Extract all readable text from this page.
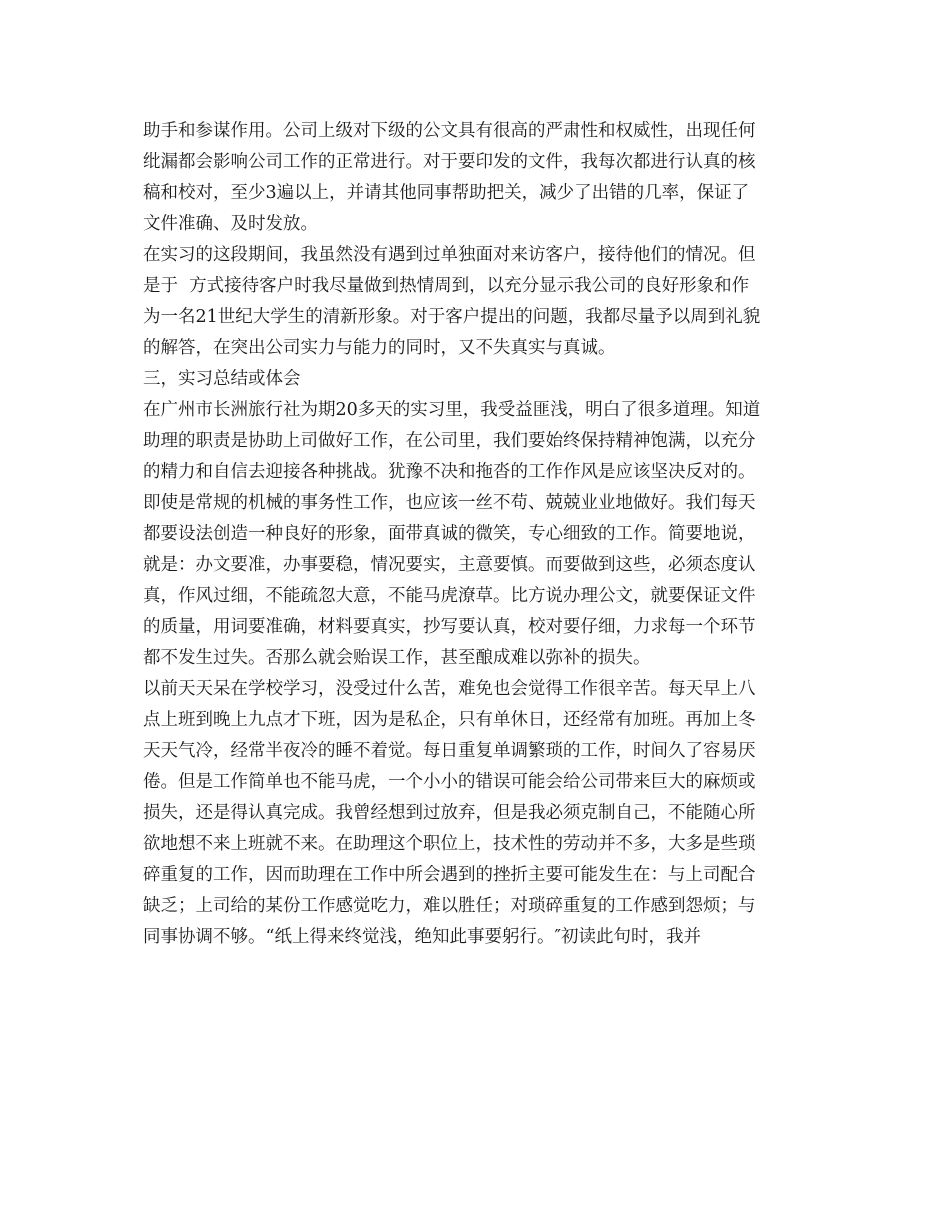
助手和参谋作用。公司上级对下级的公文具有很高的严肃性和权威性，出现任何
纰漏都会影响公司工作的正常进行。对于要印发的文件，我每次都进行认真的核
稿和校对，至少3遍以上，并请其他同事帮助把关，减少了出错的几率，保证了
文件准确、及时发放。
在实习的这段期间，我虽然没有遇到过单独面对来访客户，接待他们的情况。但
是于  方式接待客户时我尽量做到热情周到，以充分显示我公司的良好形象和作
为一名21世纪大学生的清新形象。对于客户提出的问题，我都尽量予以周到礼貌
的解答，在突出公司实力与能力的同时，又不失真实与真诚。
三，实习总结或体会
在广州市长洲旅行社为期20多天的实习里，我受益匪浅，明白了很多道理。知道
助理的职责是协助上司做好工作，在公司里，我们要始终保持精神饱满，以充分
的精力和自信去迎接各种挑战。犹豫不决和拖沓的工作作风是应该坚决反对的。
即使是常规的机械的事务性工作，也应该一丝不苟、兢兢业业地做好。我们每天
都要设法创造一种良好的形象，面带真诚的微笑，专心细致的工作。简要地说，
就是：办文要准，办事要稳，情况要实，主意要慎。而要做到这些，必须态度认
真，作风过细，不能疏忽大意，不能马虎潦草。比方说办理公文，就要保证文件
的质量，用词要准确，材料要真实，抄写要认真，校对要仔细，力求每一个环节
都不发生过失。否那么就会贻误工作，甚至酿成难以弥补的损失。
以前天天呆在学校学习，没受过什么苦，难免也会觉得工作很辛苦。每天早上八
点上班到晚上九点才下班，因为是私企，只有单休日，还经常有加班。再加上冬
天天气冷，经常半夜冷的睡不着觉。每日重复单调繁琐的工作，时间久了容易厌
倦。但是工作简单也不能马虎，一个小小的错误可能会给公司带来巨大的麻烦或
损失，还是得认真完成。我曾经想到过放弃，但是我必须克制自己，不能随心所
欲地想不来上班就不来。在助理这个职位上，技术性的劳动并不多，大多是些琐
碎重复的工作，因而助理在工作中所会遇到的挫折主要可能发生在：与上司配合
缺乏；上司给的某份工作感觉吃力，难以胜任；对琐碎重复的工作感到怨烦；与
同事协调不够。“纸上得来终觉浅，绝知此事要躬行。″初读此句时，我并
